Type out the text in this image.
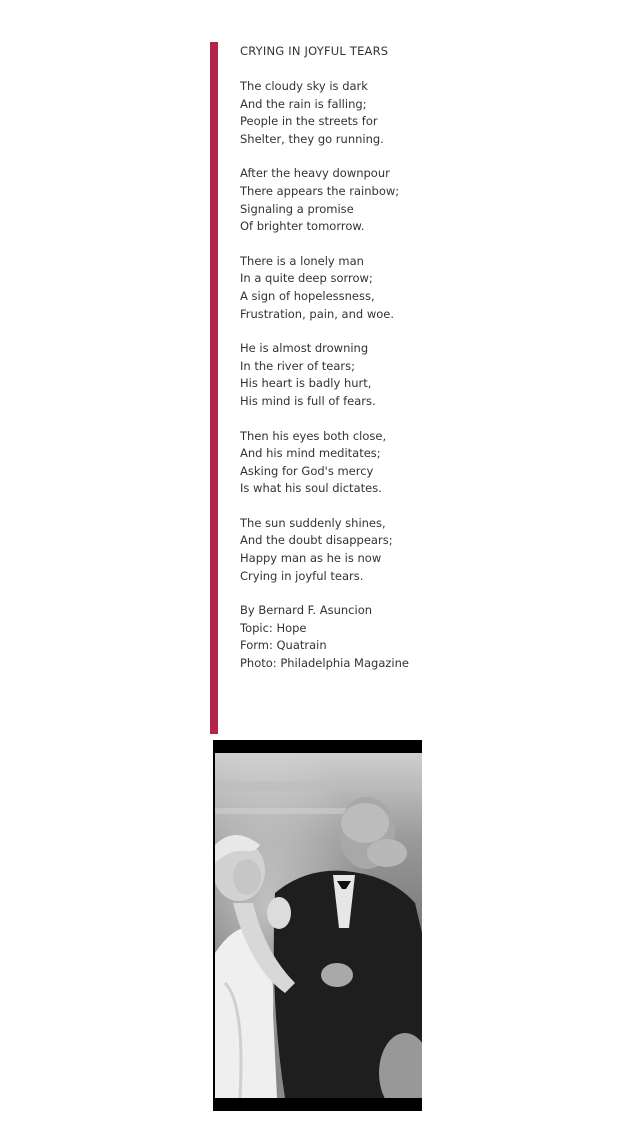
CRYING IN JOYFUL TEARS
The cloudy sky is dark
And the rain is falling;
People in the streets for
Shelter, they go running.
After the heavy downpour
There appears the rainbow;
Signaling a promise
Of brighter tomorrow.
There is a lonely man
In a quite deep sorrow;
A sign of hopelessness,
Frustration, pain, and woe.
He is almost drowning
In the river of tears;
His heart is badly hurt,
His mind is full of fears.
Then his eyes both close,
And his mind meditates;
Asking for God's mercy
Is what his soul dictates.
The sun suddenly shines,
And the doubt disappears;
Happy man as he is now
Crying in joyful tears.
By Bernard F. Asuncion
Topic: Hope
Form: Quatrain
Photo: Philadelphia Magazine
